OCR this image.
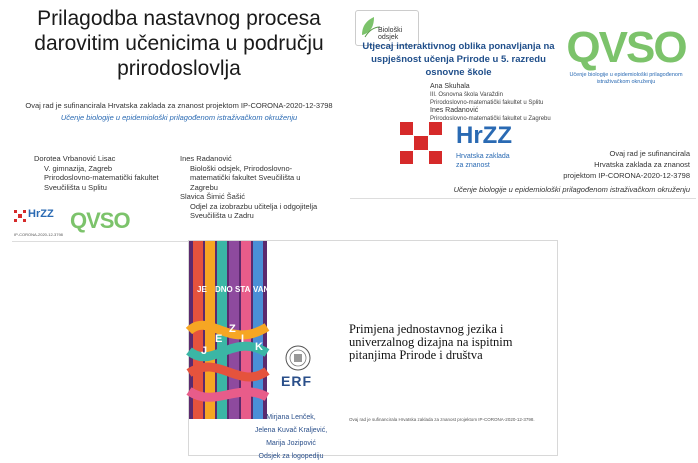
Prilagodba nastavnog procesa darovitim učenicima u području prirodoslovlja
Ovaj rad je sufinancirala Hrvatska zaklada za znanost projektom IP-CORONA-2020-12-3798
Učenje biologije u epidemiološki prilagođenom istraživačkom okruženju
Dorotea Vrbanović Lisac
V. gimnazija, Zagreb
Prirodoslovno-matematički fakultet Sveučilišta u Splitu
Ines Radanović
Biološki odsjek, Prirodoslovno-matematički fakultet Sveučilišta u Zagrebu
Slavica Šimić Šašić
Odjel za izobrazbu učitelja i odgojitelja Sveučilišta u Zadru
HrZZ
IP-CORONA-2020-12-3798
QVSO
Biološki odsjek
Utjecaj interaktivnog oblika ponavljanja na uspješnost učenja Prirode u 5. razredu osnovne škole
Ana Skuhala
III. Osnovna škola Varaždin
Prirodoslovno-matematički fakultet u Splitu
Ines Radanović
Prirodoslovno-matematički fakultet u Zagrebu
HrZZ
Hrvatska zaklada za znanost
QVSO
Učenje biologije u epidemiološki prilagođenom istraživačkom okruženju
Ovaj rad je sufinancirala
Hrvatska zaklada za znanost
projektom IP-CORONA-2020-12-3798
Učenje biologije u epidemiološki prilagođenom istraživačkom okruženju
JE DNO STA VAN
J
E
Z
I
K
ERF
Primjena jednostavnog jezika i univerzalnog dizajna na ispitnim pitanjima Prirode i društva
Ovaj rad je sufinancirala Hrvatska zaklada za znanost projektom IP-CORONA-2020-12-3798.
Mirjana Lenček,
Jelena Kuvač Kraljević,
Marija Jozipović
Odsjek za logopediju
